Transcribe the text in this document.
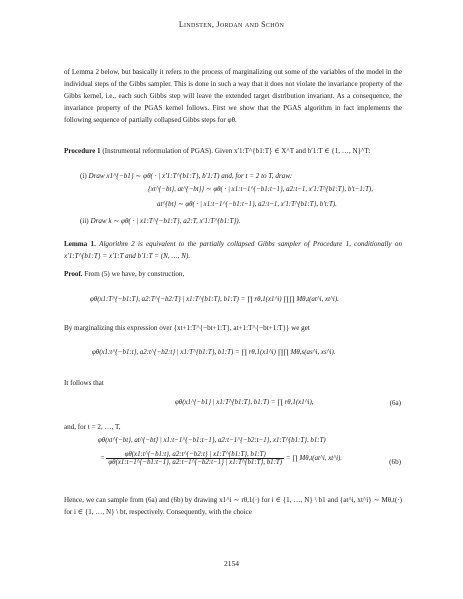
Lindsten, Jordan and Schön

of Lemma 2 below, but basically it refers to the process of marginalizing out some of the variables of the model in the individual steps of the Gibbs sampler. This is done in such a way that it does not violate the invariance property of the Gibbs kernel, i.e., each such Gibbs step will leave the extended target distribution invariant. As a consequence, the invariance property of the PGAS kernel follows. First we show that the PGAS algorithm in fact implements the following sequence of partially collapsed Gibbs steps for φθ.

Procedure 1 (Instrumental reformulation of PGAS). Given x′1:T^{b1:T} ∈ X^T and b′1:T ∈ {1, …, N}^T:

(i) Draw x1^{−b1} ∼ φθ( · | x′1:T^{b1:T}, b′1:T) and, for t = 2 to T, draw:

{xt^{−bt}, at^{−bt}} ∼ φθ( · | x1:t−1^{−b1:t−1}, a2:t−1, x′1:T^{b1:T}, b′t−1:T),
at^{bt} ∼ φθ( · | x1:t−1^{−b1:t−1}, a2:t−1, x′1:T^{b1:T}, b′t:T).

(ii) Draw k ∼ φθ( · | x1:T^{−b1:T}, a2:T, x′1:T^{b1:T}).

Lemma 1. Algorithm 2 is equivalent to the partially collapsed Gibbs sampler of Procedure 1, conditionally on x′1:T^{b1:T} = x′1:T and b′1:T = (N, …, N).

Proof. From (5) we have, by construction,

φθ(x1:T^{−b1:T}, a2:T^{−b2:T} | x1:T^{b1:T}, b1:T) = ∏ rθ,1(x1^i) ∏∏ Mθ,t(at^i, xt^i).

By marginalizing this expression over {xt+1:T^{−bt+1:T}, at+1:T^{−bt+1:T}} we get

φθ(x1:t^{−b1:t}, a2:t^{−b2:t} | x1:T^{b1:T}, b1:T) = ∏ rθ,1(x1^i) ∏∏ Mθ,s(as^i, xs^i).

It follows that

φθ(x1^{−b1} | x1:T^{b1:T}, b1:T) = ∏ rθ,1(x1^i),	(6a)

and, for t = 2, …, T,

φθ(xt^{−bt}, at^{−bt} | x1:t−1^{−b1:t−1}, a2:t−1^{−b2:t−1}, x1:T^{b1:T}, b1:T)
= $\frac{\varphi\theta(x1:t\^{}\{-b1:t\}, a2:t\^{}\{-b2:t\} | x1:T\^{}\{b1:T\}, b1:T)}{\varphi\theta(x1:t-1\^{}\{-b1:t-1\}, a2:t-1\^{}\{-b2:t-1\} | x1:T\^{}\{b1:T\}, b1:T)}$ = ∏ Mθ,t(at^i, xt^i).	(6b)

Hence, we can sample from (6a) and (6b) by drawing x1^i ∼ rθ,1(·) for i ∈ {1, …, N} \ b1 and {at^i, xt^i} ∼ Mθ,t(·) for i ∈ {1, …, N} \ bt, respectively. Consequently, with the choice

2154
